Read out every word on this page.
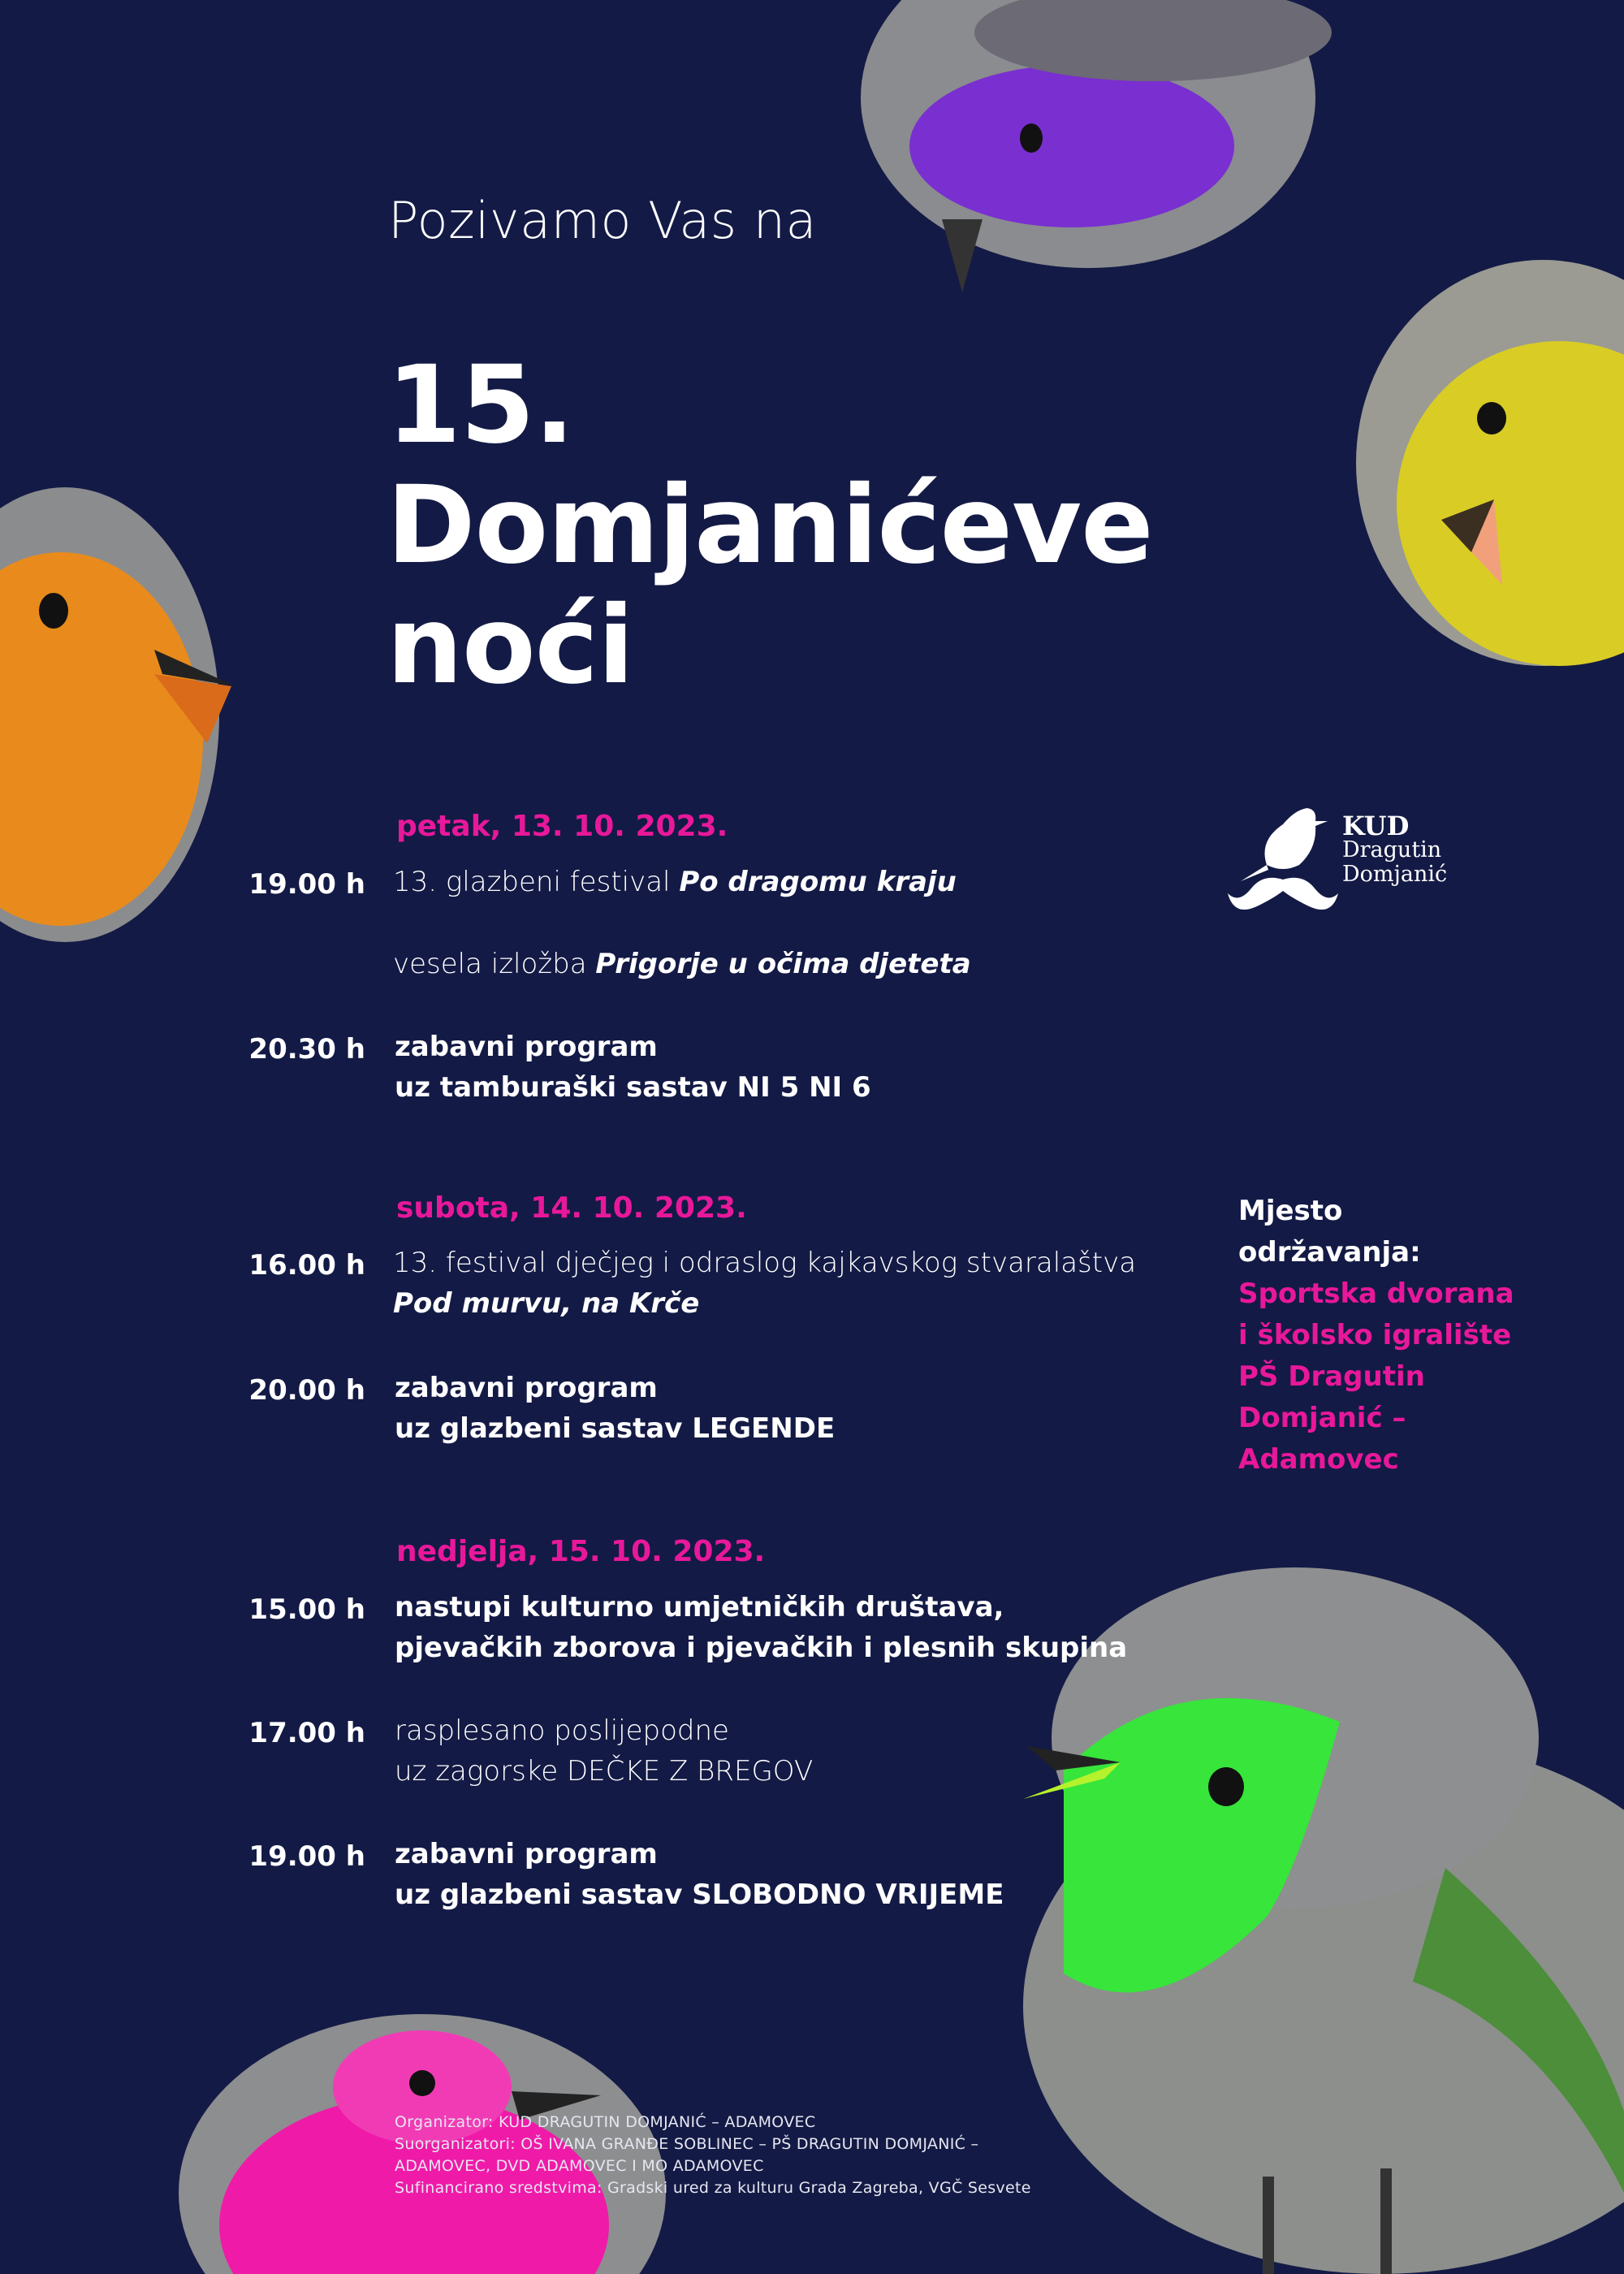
Pozivamo Vas na
15.
Domjanićeve
noći
KUD
Dragutin
Domjanić
petak, 13. 10. 2023.
19.00 h 13. glazbeni festival Po dragomu kraju
vesela izložba Prigorje u očima djeteta
20.30 h zabavni program
uz tamburaški sastav NI 5 NI 6
subota, 14. 10. 2023.
16.00 h 13. festival dječjeg i odraslog kajkavskog stvaralaštva
Pod murvu, na Krče
20.00 h zabavni program
uz glazbeni sastav LEGENDE
nedjelja, 15. 10. 2023.
15.00 h nastupi kulturno umjetničkih društava,
pjevačkih zborova i pjevačkih i plesnih skupina
17.00 h rasplesano poslijepodne
uz zagorske DEČKE Z BREGOV
19.00 h zabavni program
uz glazbeni sastav SLOBODNO VRIJEME
Mjesto
održavanja:
Sportska dvorana
i školsko igralište
PŠ Dragutin
Domjanić –
Adamovec
Organizator: KUD DRAGUTIN DOMJANIĆ – ADAMOVEC
Suorganizatori: OŠ IVANA GRANĐE SOBLINEC – PŠ DRAGUTIN DOMJANIĆ –
ADAMOVEC, DVD ADAMOVEC I MO ADAMOVEC
Sufinancirano sredstvima: Gradski ured za kulturu Grada Zagreba, VGČ Sesvete
